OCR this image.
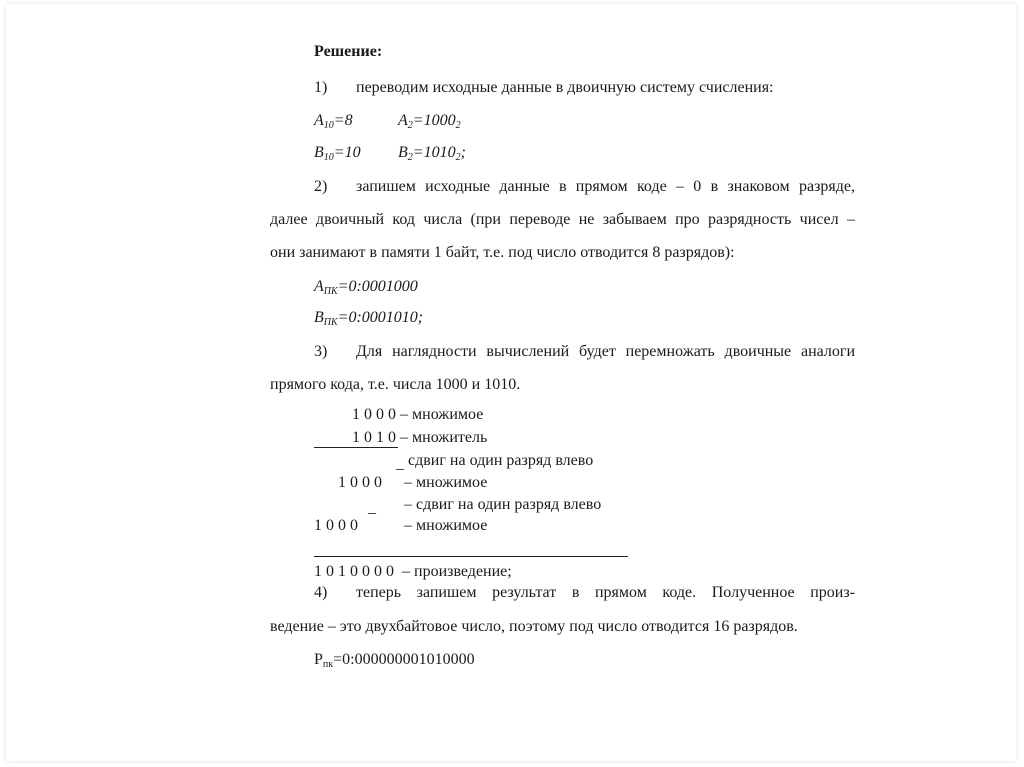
Решение:
1) переводим исходные данные в двоичную систему счисления:
$A_{10}=8$	$A_2=1000_2$
$B_{10}=10$ $B_2=1010_2$;
2) запишем исходные данные в прямом коде – 0 в знаковом разряде,
далее двоичный код числа (при переводе не забываем про разрядность чисел –
они занимают в памяти 1 байт, т.е. под число отводится 8 разрядов):
$A_{ПК}=0:0001000$
$B_{ПК}=0:0001010$;
3) Для наглядности вычислений будет перемножать двоичные аналоги
прямого кода, т.е. числа 1000 и 1010.
1 0 0 0 – множимое
1 0 1 0 – множитель
сдвиг на один разряд влево
_
1 0 0 0 – множимое
– сдвиг на один разряд влево
_
1 0 0 0	– множимое
1 0 1 0 0 0 0  – произведение;
4) теперь запишем результат в прямом коде. Полученное произ-
ведение – это двухбайтовое число, поэтому под число отводится 16 разрядов.
$P_{пк}=0:000000001010000$
